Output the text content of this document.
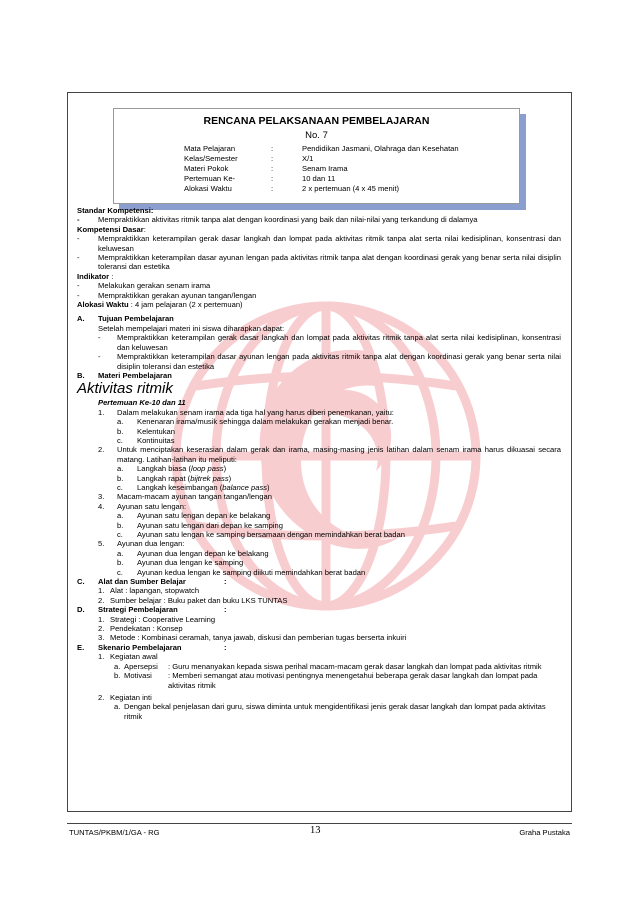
RENCANA PELAKSANAAN PEMBELAJARAN
No. 7
Mata Pelajaran	:	Pendidikan Jasmani, Olahraga dan Kesehatan
Kelas/Semester	:	X/1
Materi Pokok	:	Senam Irama
Pertemuan Ke-	:	10 dan 11
Alokasi Waktu	:	2 x pertemuan (4 x 45 menit)

Standar Kompetensi:

-	Mempraktikkan aktivitas ritmik tanpa alat dengan koordinasi yang baik dan nilai-nilai yang terkandung di dalamya

Kompetensi Dasar:

-	Mempraktikkan keterampilan gerak dasar langkah dan lompat pada aktivitas ritmik tanpa alat serta nilai kedisiplinan, konsentrasi dan keluwesan
-	Mempraktikkan keterampilan dasar ayunan lengan pada aktivitas ritmik tanpa alat dengan koordinasi gerak yang benar serta nilai disiplin toleransi dan estetika

Indikator :

-	Melakukan gerakan senam irama
-	Mempraktikkan gerakan ayunan tangan/lengan

Alokasi Waktu : 4 jam pelajaran (2 x pertemuan)

A.	Tujuan Pembelajaran

Setelah mempelajari materi ini siswa diharapkan dapat:

-	Mempraktikkan keterampilan gerak dasar langkah dan lompat pada aktivitas ritmik tanpa alat serta nilai kedisiplinan, konsentrasi dan keluwesan
-	Mempraktikkan keterampilan dasar ayunan lengan pada aktivitas ritmik tanpa alat dengan koordinasi gerak yang benar serta nilai disiplin toleransi dan estetika
B.	Materi Pembelajaran

Aktivitas ritmik

Pertemuan Ke-10 dan 11

1.	Dalam melakukan senam irama ada tiga hal yang harus diberi penemkanan, yaitu:
a.	Kenenaran irama/musik sehingga dalam melakukan gerakan menjadi benar.
b.	Kelentukan
c.	Kontinuitas
2.	Untuk menciptakan keserasian dalam gerak dan irama, masing-masing jenis latihan dalam senam irama harus dikuasai secara matang. Latihan-latihan itu meliputi:
a.	Langkah biasa (loop pass)
b.	Langkah rapat (bijtrek pass)
c.	Langkah keseimbangan (balance pass)
3.	Macam-macam ayunan tangan tangan/lengan
4.	Ayunan satu lengan:
a.	Ayunan satu lengan depan ke belakang
b.	Ayunan satu lengan dari depan ke samping
c.	Ayunan satu lengan ke samping bersamaan dengan memindahkan berat badan
5.	Ayunan dua lengan:
a.	Ayunan dua lengan depan ke belakang
b.	Ayunan dua lengan ke samping
c.	Ayunan kedua lengan ke samping diikuti memindahkan berat badan
C.	Alat dan Sumber Belajar	:
1. Alat : lapangan, stopwatch
2. Sumber belajar : Buku paket dan buku LKS TUNTAS
D.	Strategi Pembelajaran	:
1. Strategi : Cooperative Learning
2. Pendekatan : Konsep
3. Metode : Kombinasi ceramah, tanya jawab, diskusi dan pemberian tugas berserta inkuiri
E.	Skenario Pembelajaran	:
1. Kegiatan awal
a. Apersepsi	: Guru menanyakan kepada siswa perihal macam-macam gerak dasar langkah dan lompat pada aktivitas ritmik
b. Motivasi	: Memberi semangat atau motivasi pentingnya menengetahui beberapa gerak dasar langkah dan lompat pada aktivitas ritmik
2. Kegiatan inti
a. Dengan bekal penjelasan dari guru, siswa diminta untuk mengidentifikasi jenis gerak dasar langkah dan lompat pada aktivitas ritmik
TUNTAS/PKBM/1/GA - RG	13	Graha Pustaka
